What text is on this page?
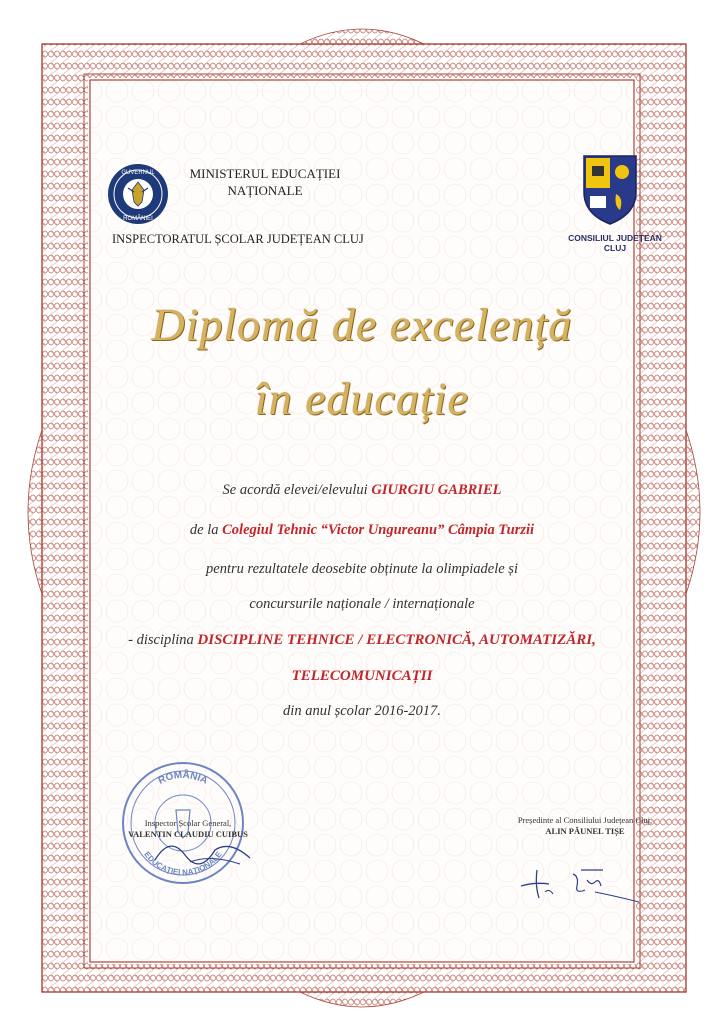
GUVERNUL
ROMÂNIEI
MINISTERUL EDUCAȚIEI
NAȚIONALE
INSPECTORATUL ȘCOLAR JUDEȚEAN CLUJ	CONSILIUL JUDEȚEAN
CLUJ
Diplomă de excelență
în educație
Se acordă elevei/elevului GIURGIU GABRIEL
de la Colegiul Tehnic “Victor Ungureanu” Câmpia Turzii
pentru rezultatele deosebite obținute la olimpiadele și
concursurile naționale / internaționale
- disciplina DISCIPLINE TEHNICE / ELECTRONICĂ, AUTOMATIZĂRI,
TELECOMUNICAȚII
din anul școlar 2016-2017.
ROMÂNIA
EDUCAȚIEI NAȚIONALE
Inspector Școlar General,
VALENTIN CLAUDIU CUIBUS
Președinte al Consiliului Județean Cluj,
ALIN PĂUNEL TIȘE
